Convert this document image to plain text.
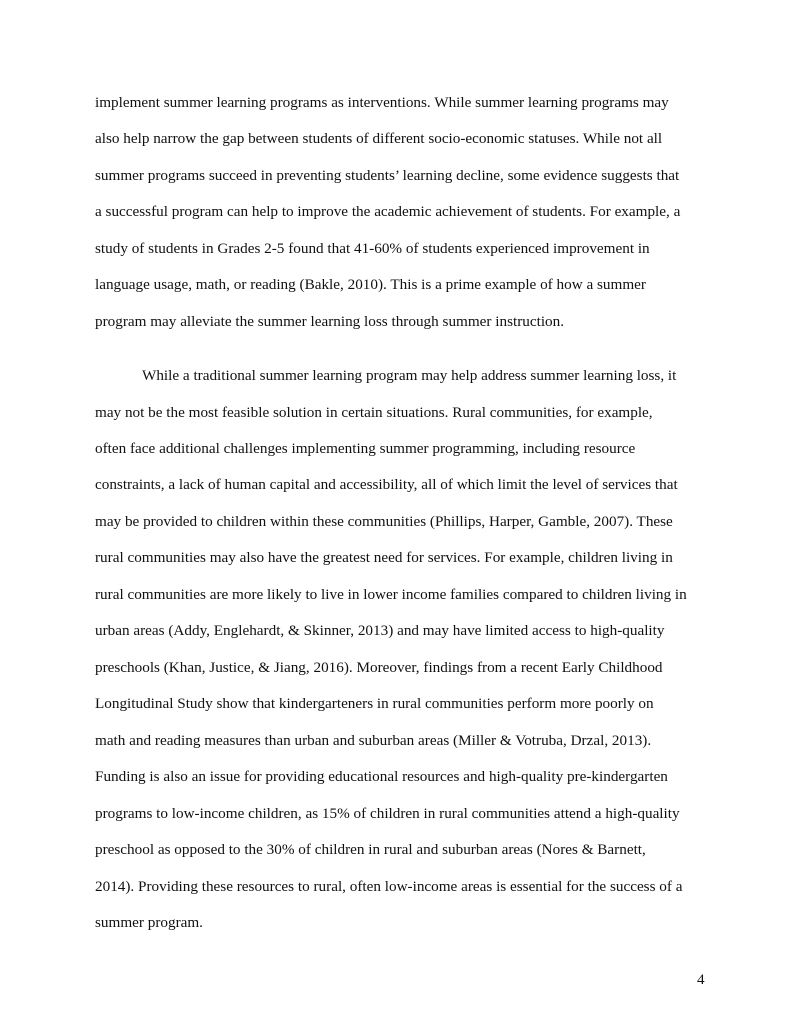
implement summer learning programs as interventions. While summer learning programs may
also help narrow the gap between students of different socio-economic statuses. While not all
summer programs succeed in preventing students’ learning decline, some evidence suggests that
a successful program can help to improve the academic achievement of students. For example, a
study of students in Grades 2-5 found that 41-60% of students experienced improvement in
language usage, math, or reading (Bakle, 2010). This is a prime example of how a summer
program may alleviate the summer learning loss through summer instruction.
While a traditional summer learning program may help address summer learning loss, it
may not be the most feasible solution in certain situations. Rural communities, for example,
often face additional challenges implementing summer programming, including resource
constraints, a lack of human capital and accessibility, all of which limit the level of services that
may be provided to children within these communities (Phillips, Harper, Gamble, 2007). These
rural communities may also have the greatest need for services. For example, children living in
rural communities are more likely to live in lower income families compared to children living in
urban areas (Addy, Englehardt, & Skinner, 2013) and may have limited access to high-quality
preschools (Khan, Justice, & Jiang, 2016). Moreover, findings from a recent Early Childhood
Longitudinal Study show that kindergarteners in rural communities perform more poorly on
math and reading measures than urban and suburban areas (Miller & Votruba, Drzal, 2013).
Funding is also an issue for providing educational resources and high-quality pre-kindergarten
programs to low-income children, as 15% of children in rural communities attend a high-quality
preschool as opposed to the 30% of children in rural and suburban areas (Nores & Barnett,
2014). Providing these resources to rural, often low-income areas is essential for the success of a
summer program.
4
